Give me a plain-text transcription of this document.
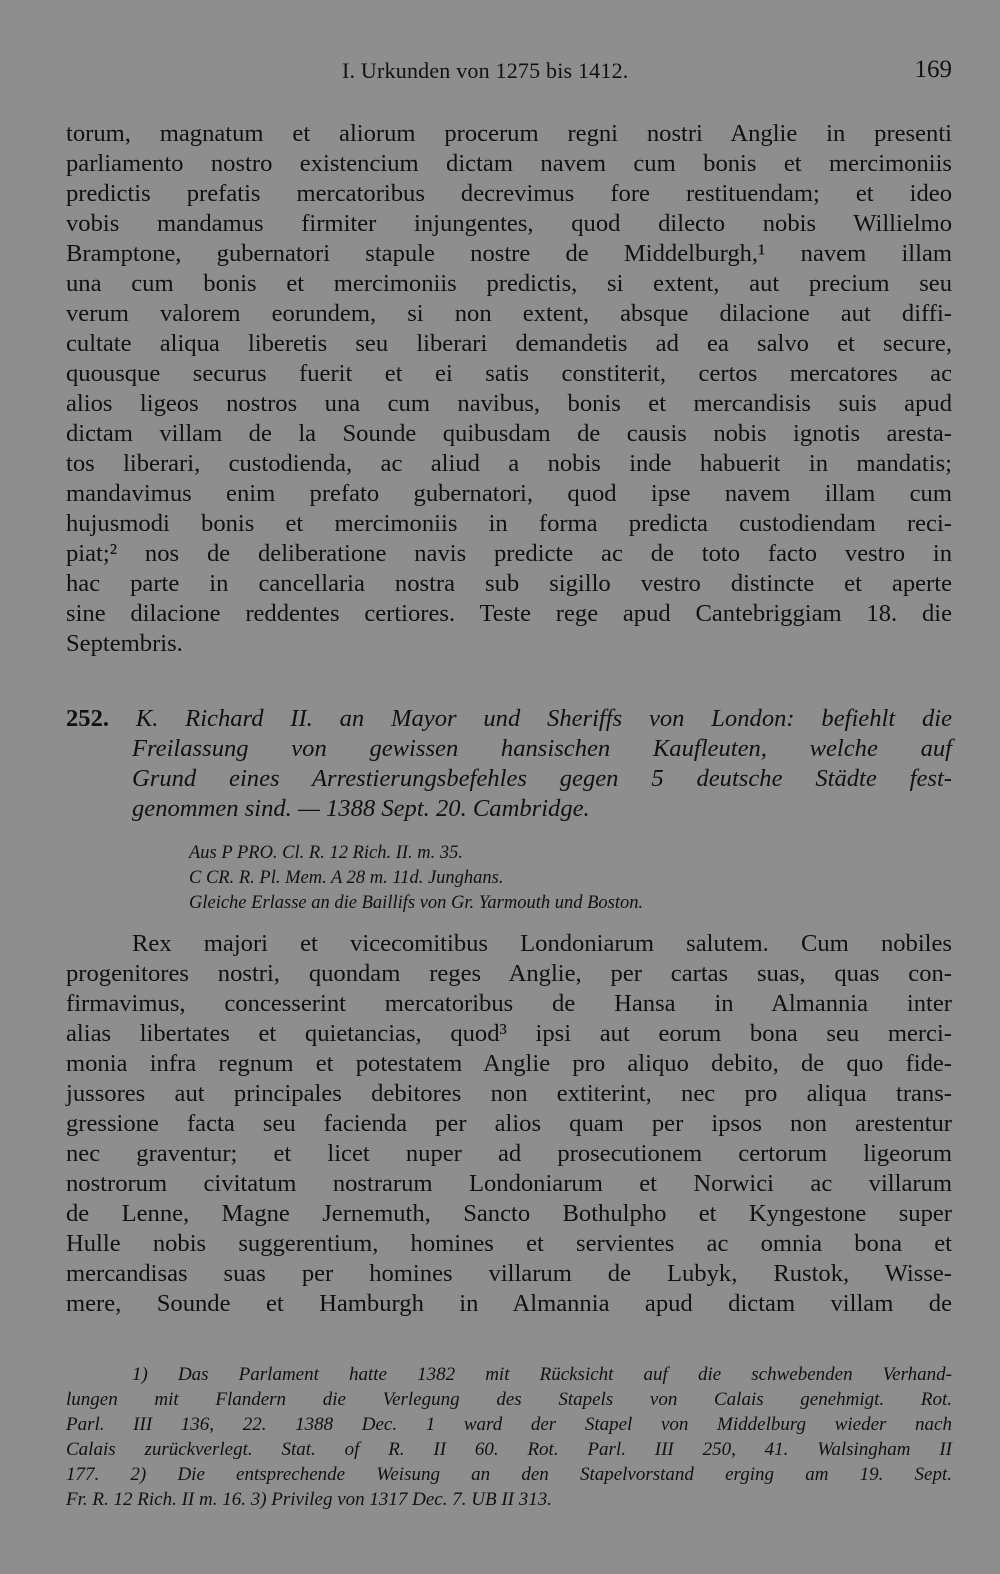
I. Urkunden von 1275 bis 1412.	169
torum, magnatum et aliorum procerum regni nostri Anglie in presenti
parliamento nostro existencium dictam navem cum bonis et mercimoniis
predictis prefatis mercatoribus decrevimus fore restituendam; et ideo
vobis mandamus firmiter injungentes, quod dilecto nobis Willielmo
Bramptone, gubernatori stapule nostre de Middelburgh,¹ navem illam
una cum bonis et mercimoniis predictis, si extent, aut precium seu
verum valorem eorundem, si non extent, absque dilacione aut diffi-
cultate aliqua liberetis seu liberari demandetis ad ea salvo et secure,
quousque securus fuerit et ei satis constiterit, certos mercatores ac
alios ligeos nostros una cum navibus, bonis et mercandisis suis apud
dictam villam de la Sounde quibusdam de causis nobis ignotis aresta-
tos liberari, custodienda, ac aliud a nobis inde habuerit in mandatis;
mandavimus enim prefato gubernatori, quod ipse navem illam cum
hujusmodi bonis et mercimoniis in forma predicta custodiendam reci-
piat;² nos de deliberatione navis predicte ac de toto facto vestro in
hac parte in cancellaria nostra sub sigillo vestro distincte et aperte
sine dilacione reddentes certiores. Teste rege apud Cantebriggiam 18. die
Septembris.
252. K. Richard II. an Mayor und Sheriffs von London: befiehlt die
Freilassung von gewissen hansischen Kaufleuten, welche auf
Grund eines Arrestierungsbefehles gegen 5 deutsche Städte fest-
genommen sind. — 1388 Sept. 20. Cambridge.
Aus P PRO. Cl. R. 12 Rich. II. m. 35.
C CR. R. Pl. Mem. A 28 m. 11d. Junghans.
Gleiche Erlasse an die Baillifs von Gr. Yarmouth und Boston.
Rex majori et vicecomitibus Londoniarum salutem. Cum nobiles
progenitores nostri, quondam reges Anglie, per cartas suas, quas con-
firmavimus, concesserint mercatoribus de Hansa in Almannia inter
alias libertates et quietancias, quod³ ipsi aut eorum bona seu merci-
monia infra regnum et potestatem Anglie pro aliquo debito, de quo fide-
jussores aut principales debitores non extiterint, nec pro aliqua trans-
gressione facta seu facienda per alios quam per ipsos non arestentur
nec graventur; et licet nuper ad prosecutionem certorum ligeorum
nostrorum civitatum nostrarum Londoniarum et Norwici ac villarum
de Lenne, Magne Jernemuth, Sancto Bothulpho et Kyngestone super
Hulle nobis suggerentium, homines et servientes ac omnia bona et
mercandisas suas per homines villarum de Lubyk, Rustok, Wisse-
mere, Sounde et Hamburgh in Almannia apud dictam villam de
1) Das Parlament hatte 1382 mit Rücksicht auf die schwebenden Verhand-
lungen mit Flandern die Verlegung des Stapels von Calais genehmigt. Rot.
Parl. III 136, 22. 1388 Dec. 1 ward der Stapel von Middelburg wieder nach
Calais zurückverlegt. Stat. of R. II 60. Rot. Parl. III 250, 41. Walsingham II
177. 2) Die entsprechende Weisung an den Stapelvorstand erging am 19. Sept.
Fr. R. 12 Rich. II m. 16. 3) Privileg von 1317 Dec. 7. UB II 313.
